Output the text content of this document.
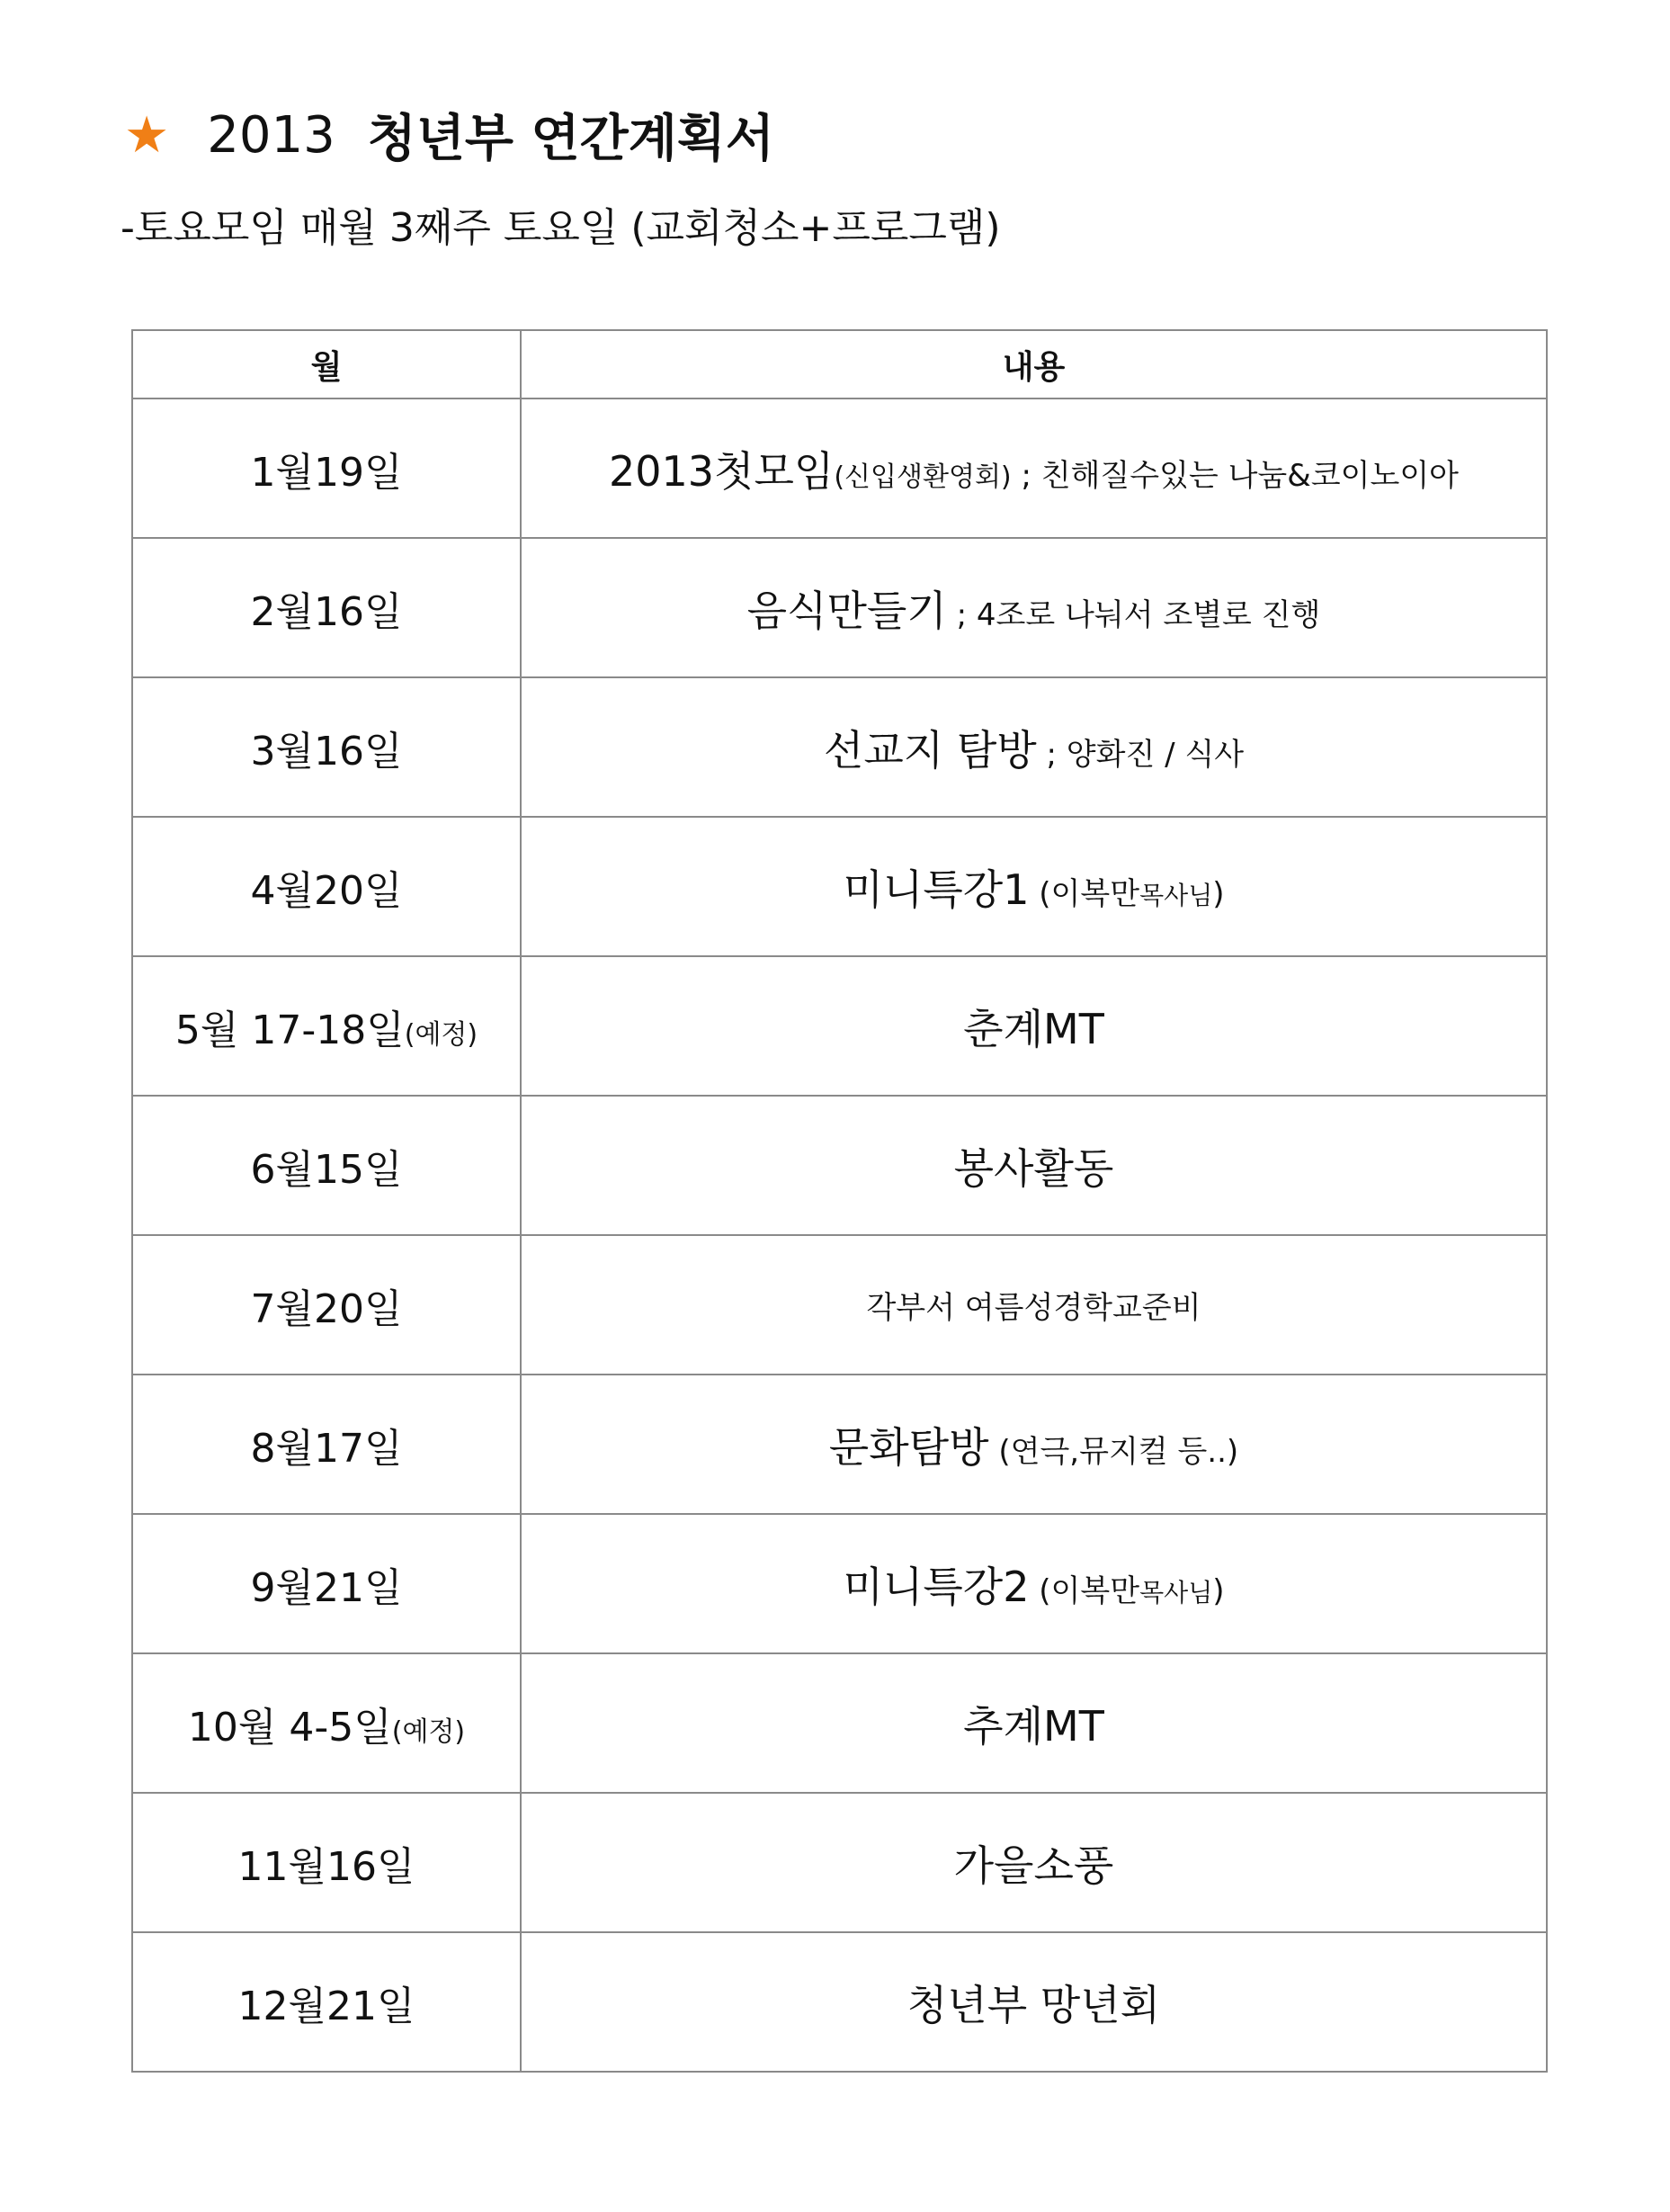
★ 2013 청년부 연간계획서
-토요모임 매월 3째주 토요일 (교회청소+프로그램)
월	내용
1월19일	2013첫모임(신입생환영회) ; 친해질수있는 나눔&코이노이아
2월16일	음식만들기 ; 4조로 나눠서 조별로 진행
3월16일	선교지 탐방 ; 양화진 / 식사
4월20일	미니특강1 (이복만목사님)
5월 17-18일(예정)	춘계MT
6월15일	봉사활동
7월20일	각부서 여름성경학교준비
8월17일	문화탐방 (연극,뮤지컬 등..)
9월21일	미니특강2 (이복만목사님)
10월 4-5일(예정)	추계MT
11월16일	가을소풍
12월21일	청년부 망년회
